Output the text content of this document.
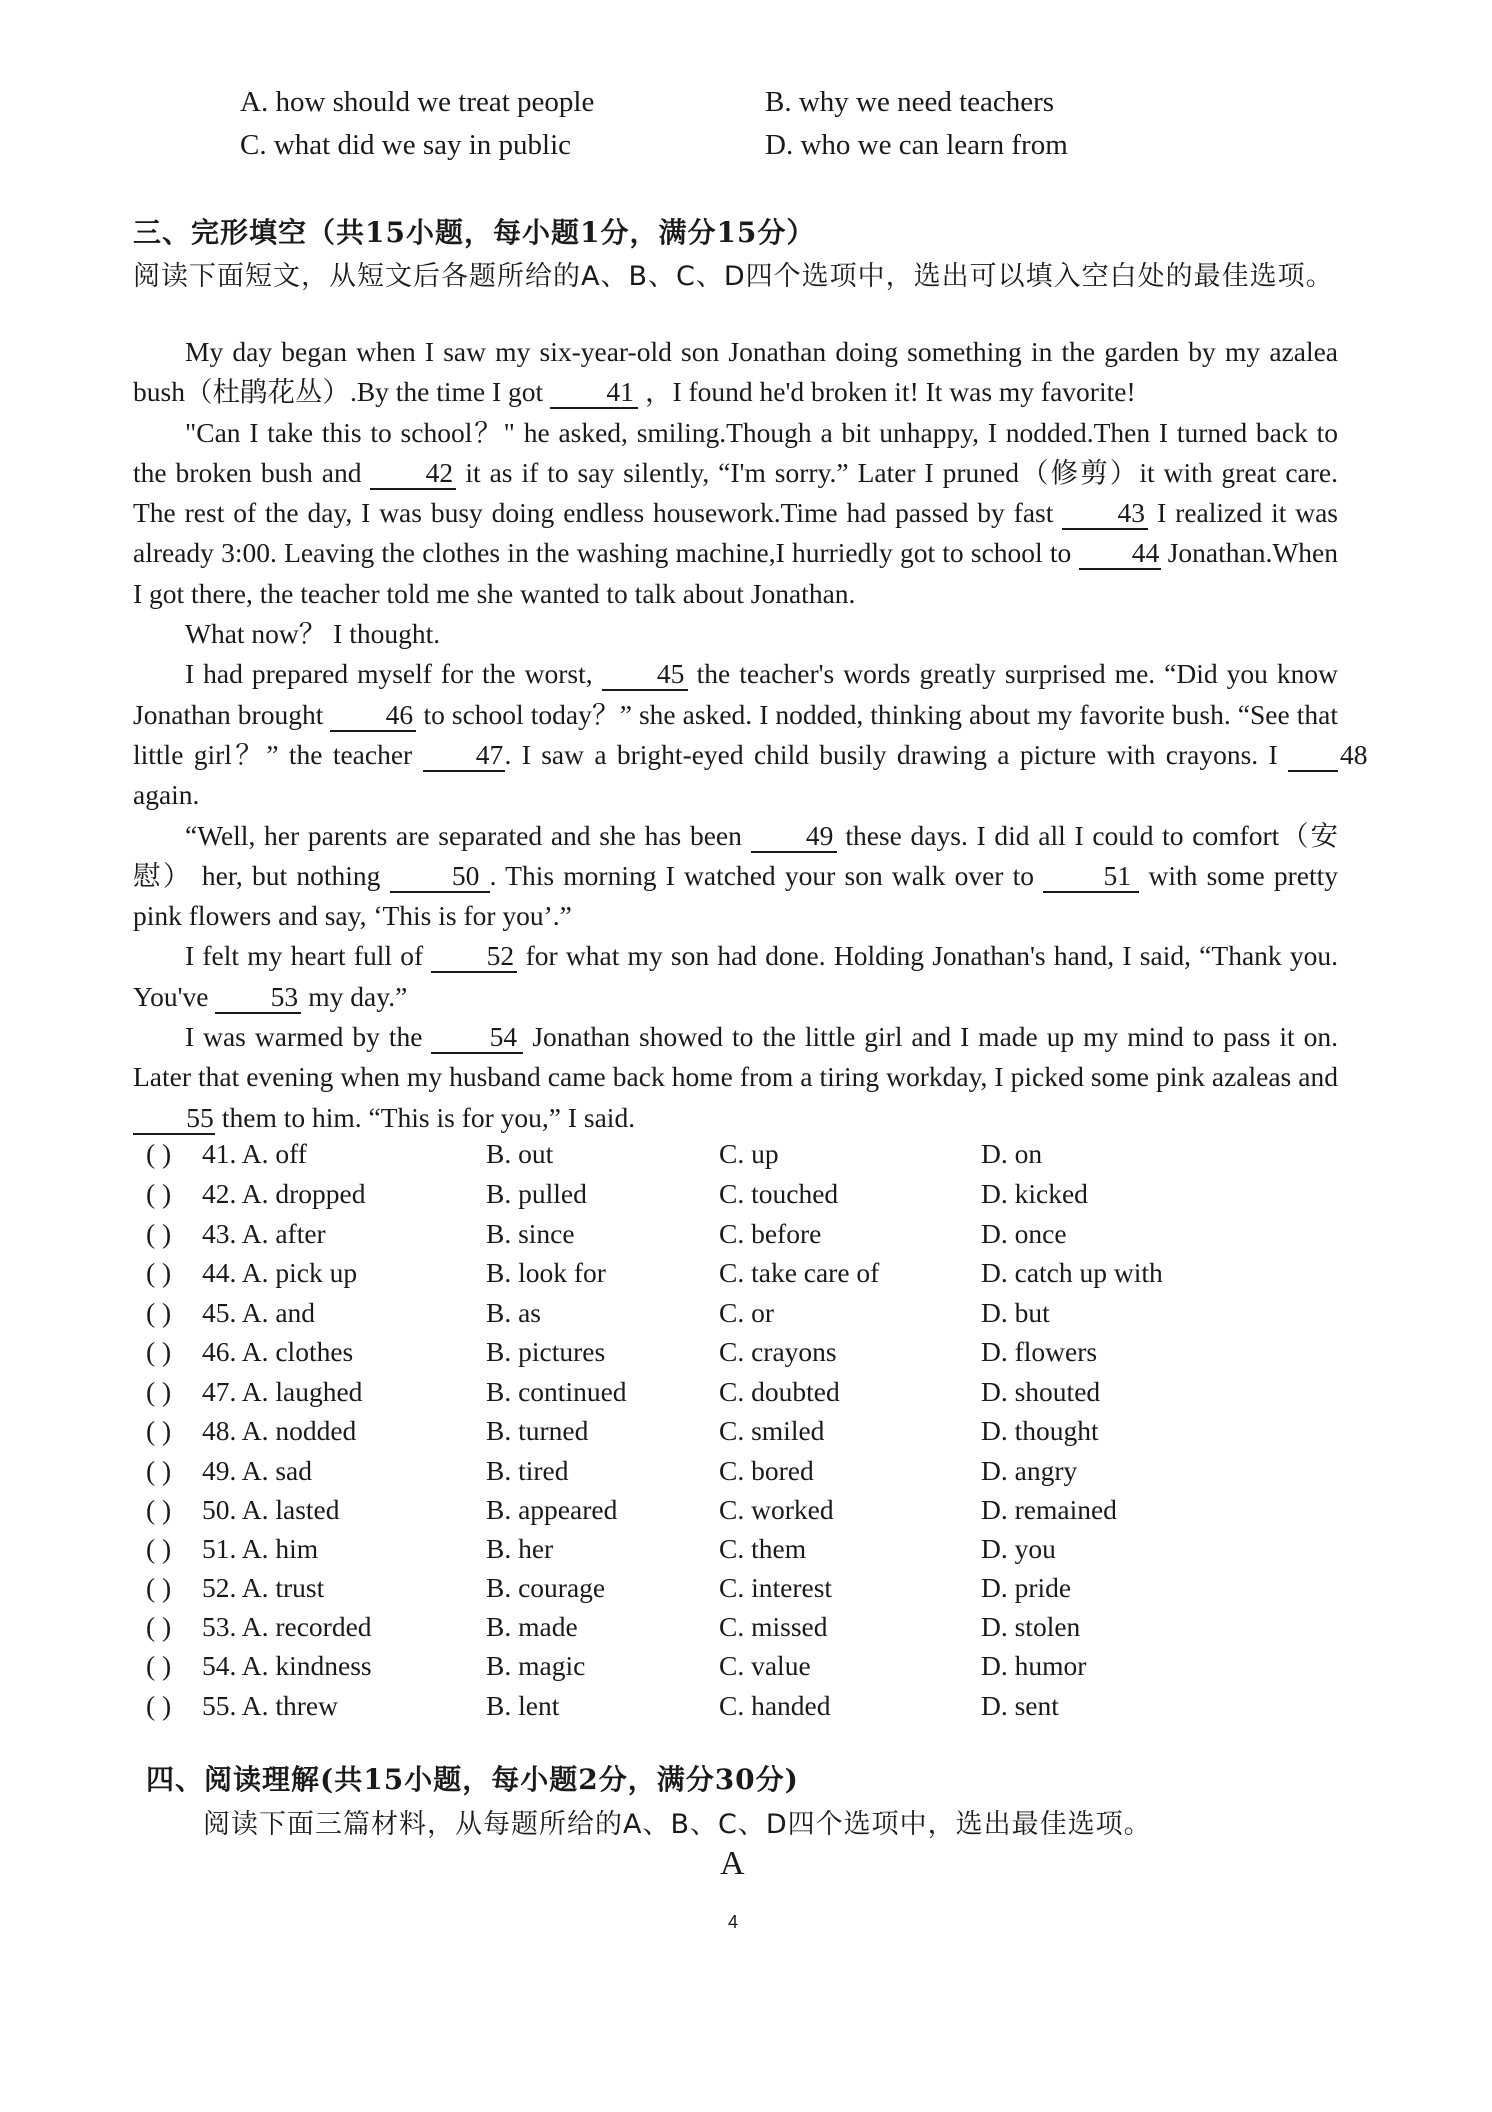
A. how should we treat people	B. why we need teachers
C. what did we say in public	D. who we can learn from
三、完形填空（共15小题，每小题1分，满分15分）
阅读下面短文，从短文后各题所给的A、B、C、D四个选项中，选出可以填入空白处的最佳选项。

My day began when I saw my six-year-old son Jonathan doing something in the garden by my azalea bush（杜鹃花丛）.By the time I got 41 ，I found he'd broken it! It was my favorite!

"Can I take this to school？" he asked, smiling.Though a bit unhappy, I nodded.Then I turned back to the broken bush and 42 it as if to say silently, “I'm sorry.” Later I pruned（修剪）it with great care. The rest of the day, I was busy doing endless housework.Time had passed by fast 43 I realized it was already 3:00. Leaving the clothes in the washing machine,I hurriedly got to school to 44 Jonathan.When I got there, the teacher told me she wanted to talk about Jonathan.

What now？ I thought.

I had prepared myself for the worst, 45 the teacher's words greatly surprised me. “Did you know Jonathan brought 46 to school today？” she asked. I nodded, thinking about my favorite bush. “See that little girl？” the teacher 47. I saw a bright-eyed child busily drawing a picture with crayons. I 48 again.

“Well, her parents are separated and she has been 49 these days. I did all I could to comfort（安慰） her, but nothing 50 . This morning I watched your son walk over to 51 with some pretty pink flowers and say, ‘This is for you’.”

I felt my heart full of 52 for what my son had done. Holding Jonathan's hand, I said, “Thank you. You've 53 my day.”

I was warmed by the 54 Jonathan showed to the little girl and I made up my mind to pass it on. Later that evening when my husband came back home from a tiring workday, I picked some pink azaleas and 55 them to him. “This is for you,” I said.

( ) 41. A. off	B. out	C. up	D. on
( ) 42. A. dropped	B. pulled	C. touched	D. kicked
( ) 43. A. after	B. since	C. before	D. once
( ) 44. A. pick up	B. look for	C. take care of	D. catch up with
( ) 45. A. and	B. as	C. or	D. but
( ) 46. A. clothes	B. pictures	C. crayons	D. flowers
( ) 47. A. laughed	B. continued	C. doubted	D. shouted
( ) 48. A. nodded	B. turned	C. smiled	D. thought
( ) 49. A. sad	B. tired	C. bored	D. angry
( ) 50. A. lasted	B. appeared	C. worked	D. remained
( ) 51. A. him	B. her	C. them	D. you
( ) 52. A. trust	B. courage	C. interest	D. pride
( ) 53. A. recorded	B. made	C. missed	D. stolen
( ) 54. A. kindness	B. magic	C. value	D. humor
( ) 55. A. threw	B. lent	C. handed	D. sent
四、阅读理解(共15小题，每小题2分，满分30分)
阅读下面三篇材料，从每题所给的A、B、C、D四个选项中，选出最佳选项。
A
4
